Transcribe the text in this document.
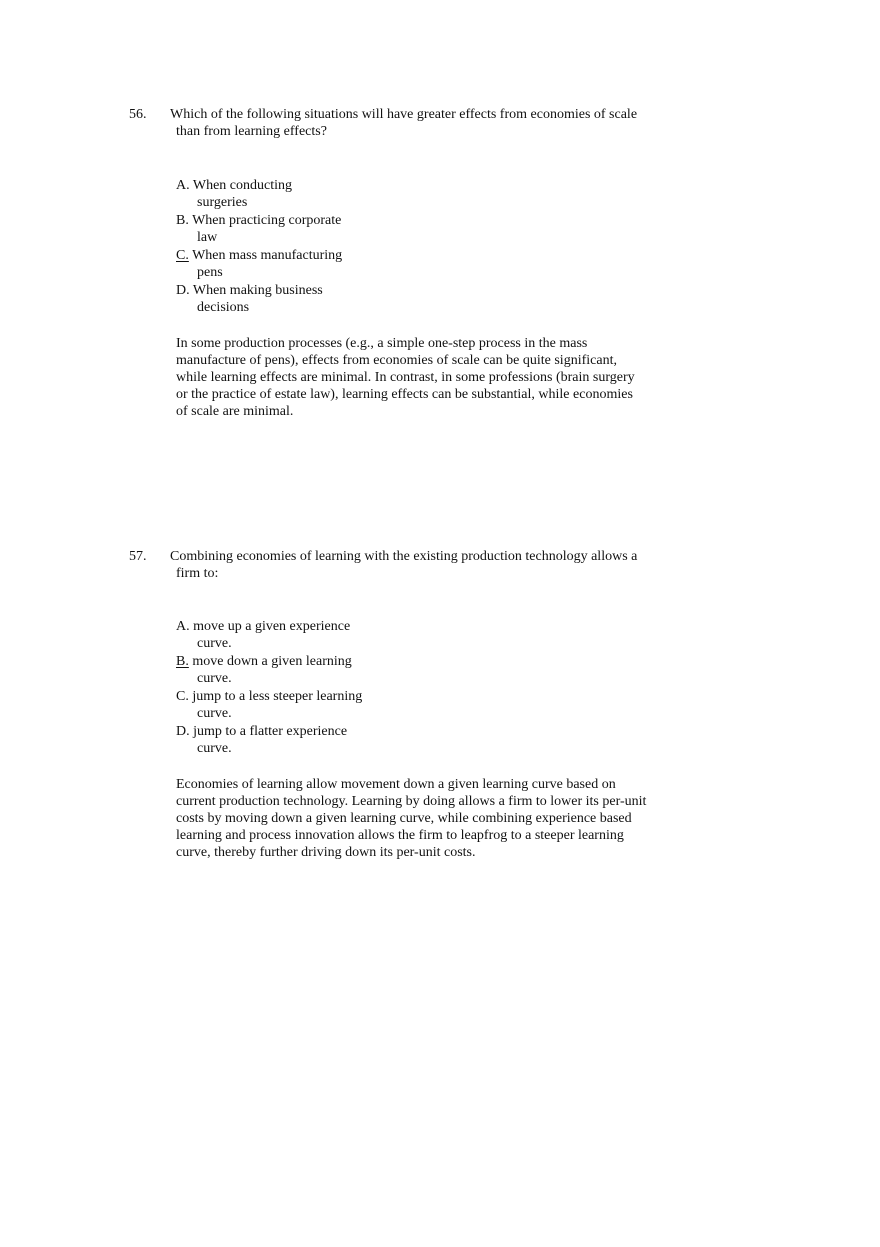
56. Which of the following situations will have greater effects from economies of scale
than from learning effects?
A. When conducting
surgeries
B. When practicing corporate
law
C. When mass manufacturing
pens
D. When making business
decisions
In some production processes (e.g., a simple one-step process in the mass
manufacture of pens), effects from economies of scale can be quite significant,
while learning effects are minimal. In contrast, in some professions (brain surgery
or the practice of estate law), learning effects can be substantial, while economies
of scale are minimal.
57. Combining economies of learning with the existing production technology allows a
firm to:
A. move up a given experience
curve.
B. move down a given learning
curve.
C. jump to a less steeper learning
curve.
D. jump to a flatter experience
curve.
Economies of learning allow movement down a given learning curve based on
current production technology. Learning by doing allows a firm to lower its per-unit
costs by moving down a given learning curve, while combining experience based
learning and process innovation allows the firm to leapfrog to a steeper learning
curve, thereby further driving down its per-unit costs.
